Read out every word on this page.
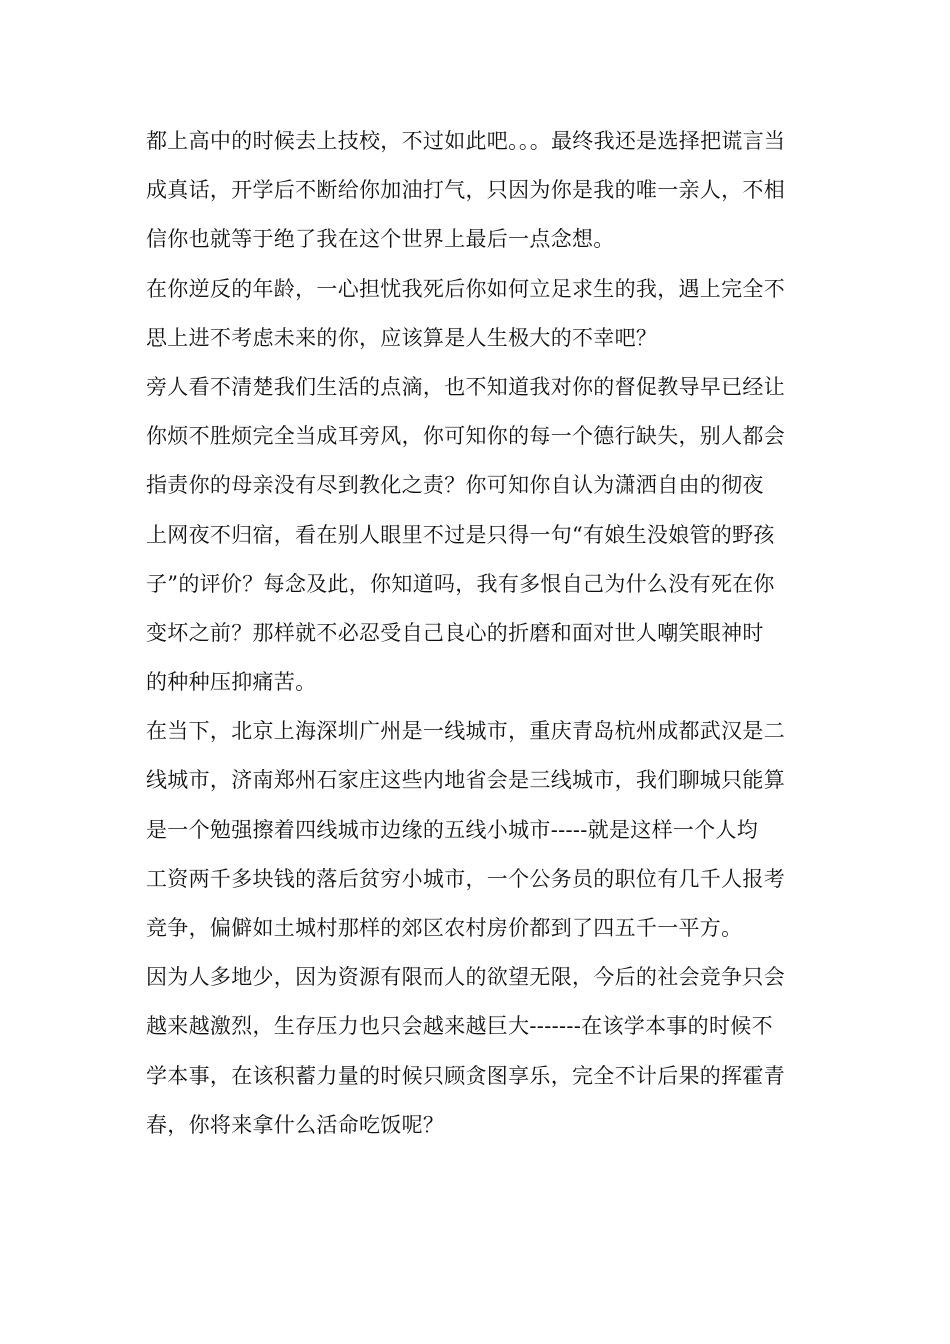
都上高中的时候去上技校，不过如此吧。。。最终我还是选择把谎言当
成真话，开学后不断给你加油打气，只因为你是我的唯一亲人，不相
信你也就等于绝了我在这个世界上最后一点念想。
在你逆反的年龄，一心担忧我死后你如何立足求生的我，遇上完全不
思上进不考虑未来的你，应该算是人生极大的不幸吧？
旁人看不清楚我们生活的点滴，也不知道我对你的督促教导早已经让
你烦不胜烦完全当成耳旁风，你可知你的每一个德行缺失，别人都会
指责你的母亲没有尽到教化之责？你可知你自认为潇洒自由的彻夜
上网夜不归宿，看在别人眼里不过是只得一句“有娘生没娘管的野孩
子”的评价？每念及此，你知道吗，我有多恨自己为什么没有死在你
变坏之前？那样就不必忍受自己良心的折磨和面对世人嘲笑眼神时
的种种压抑痛苦。
在当下，北京上海深圳广州是一线城市，重庆青岛杭州成都武汉是二
线城市，济南郑州石家庄这些内地省会是三线城市，我们聊城只能算
是一个勉强擦着四线城市边缘的五线小城市-----就是这样一个人均
工资两千多块钱的落后贫穷小城市，一个公务员的职位有几千人报考
竞争，偏僻如土城村那样的郊区农村房价都到了四五千一平方。
因为人多地少，因为资源有限而人的欲望无限，今后的社会竞争只会
越来越激烈，生存压力也只会越来越巨大-------在该学本事的时候不
学本事，在该积蓄力量的时候只顾贪图享乐，完全不计后果的挥霍青
春，你将来拿什么活命吃饭呢？
